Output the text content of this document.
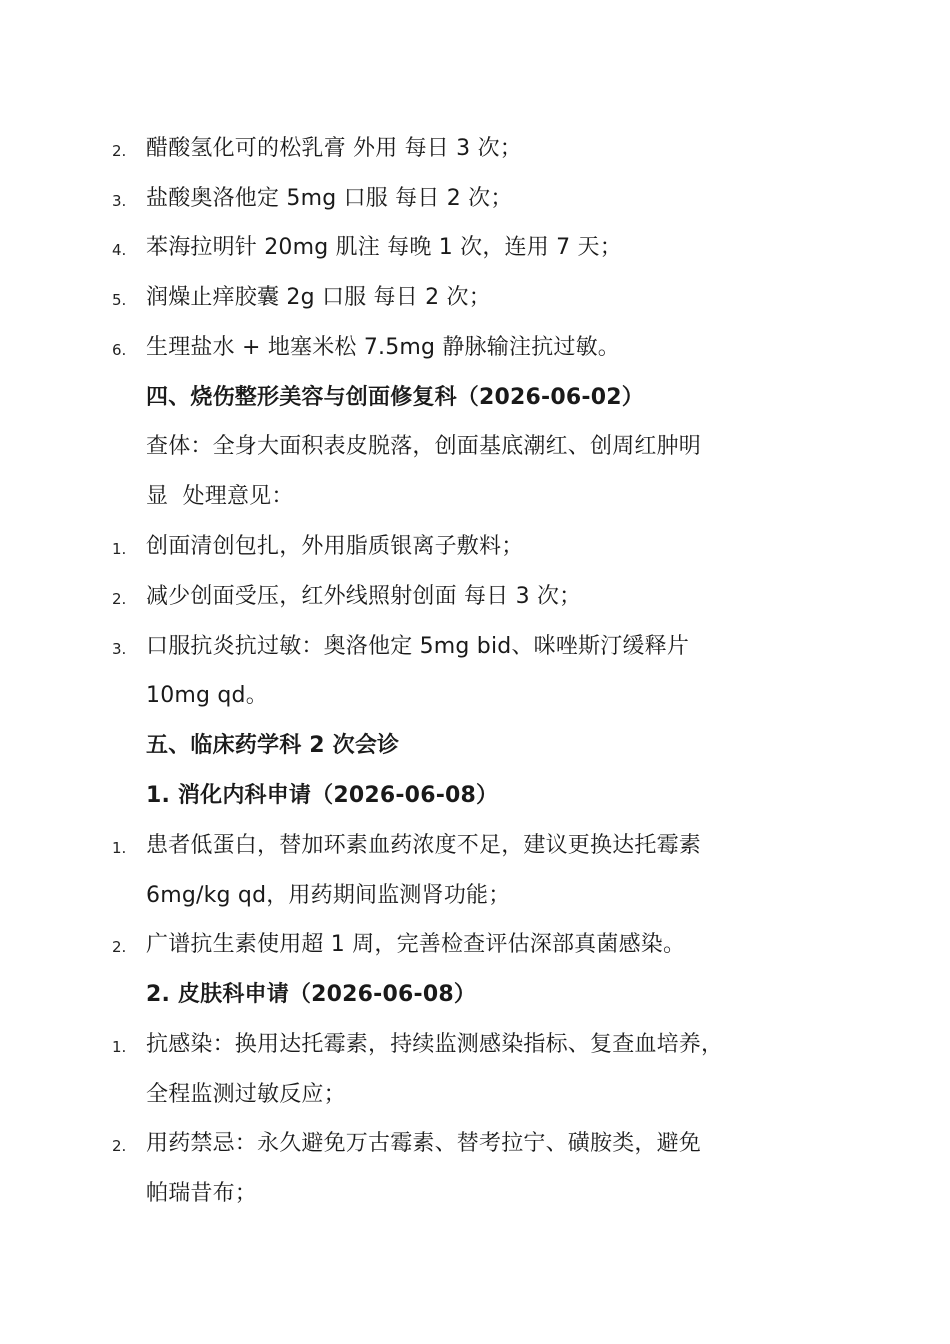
2. 醋酸氢化可的松乳膏 外用 每日 3 次；
3. 盐酸奥洛他定 5mg 口服 每日 2 次；
4. 苯海拉明针 20mg 肌注 每晚 1 次，连用 7 天；
5. 润燥止痒胶囊 2g 口服 每日 2 次；
6. 生理盐水 + 地塞米松 7.5mg 静脉输注抗过敏。
四、烧伤整形美容与创面修复科（2026-06-02）
查体：全身大面积表皮脱落，创面基底潮红、创周红肿明
显  处理意见：
1. 创面清创包扎，外用脂质银离子敷料；
2. 减少创面受压，红外线照射创面 每日 3 次；
3. 口服抗炎抗过敏：奥洛他定 5mg bid、咪唑斯汀缓释片
10mg qd。
五、临床药学科 2 次会诊
1. 消化内科申请（2026-06-08）
1. 患者低蛋白，替加环素血药浓度不足，建议更换达托霉素
6mg/kg qd，用药期间监测肾功能；
2. 广谱抗生素使用超 1 周，完善检查评估深部真菌感染。
2. 皮肤科申请（2026-06-08）
1. 抗感染：换用达托霉素，持续监测感染指标、复查血培养，
全程监测过敏反应；
2. 用药禁忌：永久避免万古霉素、替考拉宁、磺胺类，避免
帕瑞昔布；
